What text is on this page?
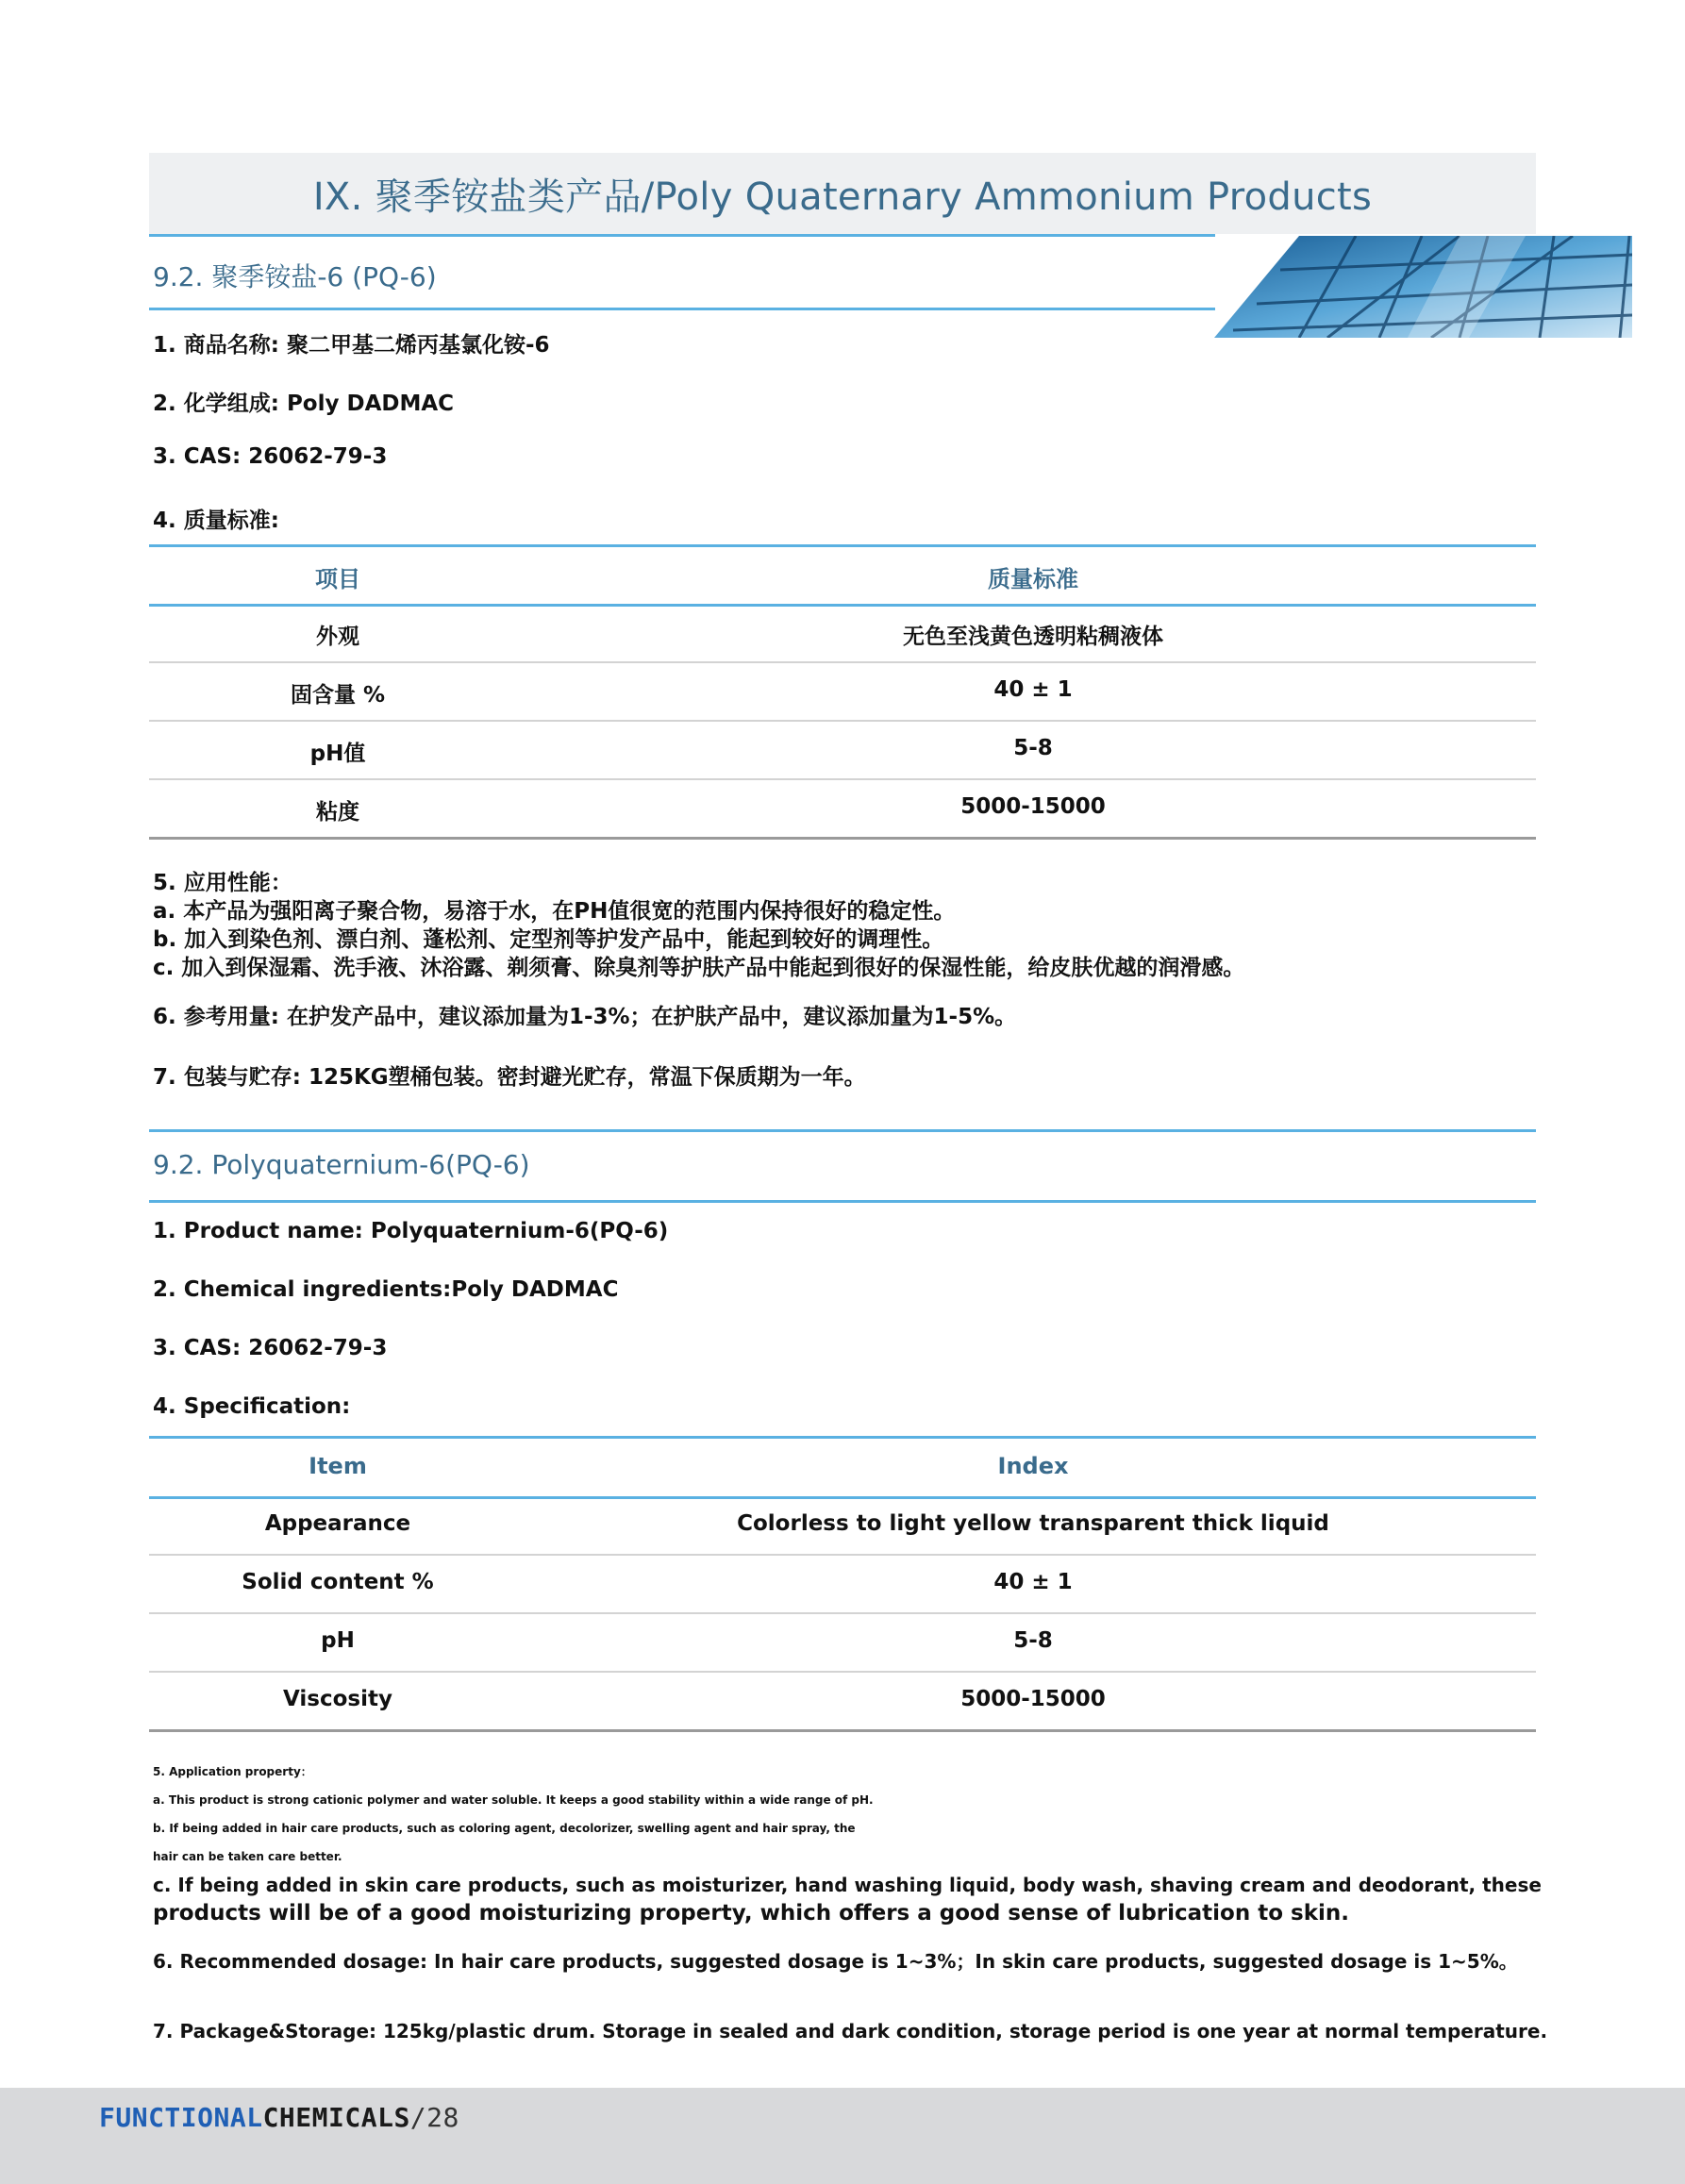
IX. 聚季铵盐类产品/Poly Quaternary Ammonium Products
9.2. 聚季铵盐-6 (PQ-6)
1. 商品名称: 聚二甲基二烯丙基氯化铵-6
2. 化学组成: Poly DADMAC
3. CAS: 26062-79-3
4. 质量标准:
项目	质量标准
外观	无色至浅黄色透明粘稠液体
固含量 %	40 ± 1
pH值	5-8
粘度	5000-15000
5. 应用性能：
a. 本产品为强阳离子聚合物，易溶于水，在PH值很宽的范围内保持很好的稳定性。
b. 加入到染色剂、漂白剂、蓬松剂、定型剂等护发产品中，能起到较好的调理性。
c. 加入到保湿霜、洗手液、沐浴露、剃须膏、除臭剂等护肤产品中能起到很好的保湿性能，给皮肤优越的润滑感。
6. 参考用量: 在护发产品中，建议添加量为1-3%；在护肤产品中，建议添加量为1-5%。
7. 包装与贮存: 125KG塑桶包装。密封避光贮存，常温下保质期为一年。
9.2. Polyquaternium-6(PQ-6)
1. Product name: Polyquaternium-6(PQ-6)
2. Chemical ingredients:Poly DADMAC
3. CAS: 26062-79-3
4. Specification:
Item	Index
Appearance	Colorless to light yellow transparent thick liquid
Solid content %	40 ± 1
pH	5-8
Viscosity	5000-15000
5. Application property：
a. This product is strong cationic polymer and water soluble. It keeps a good stability within a wide range of pH.
b. If being added in hair care products, such as coloring agent, decolorizer, swelling agent and hair spray, the
hair can be taken care better.
c. If being added in skin care products, such as moisturizer, hand washing liquid, body wash, shaving cream and deodorant, these
products will be of a good moisturizing property, which offers a good sense of lubrication to skin.
6. Recommended dosage: In hair care products, suggested dosage is 1~3%；In skin care products, suggested dosage is 1~5%。
7. Package&Storage: 125kg/plastic drum. Storage in sealed and dark condition, storage period is one year at normal temperature.
FUNCTIONALCHEMICALS/28
